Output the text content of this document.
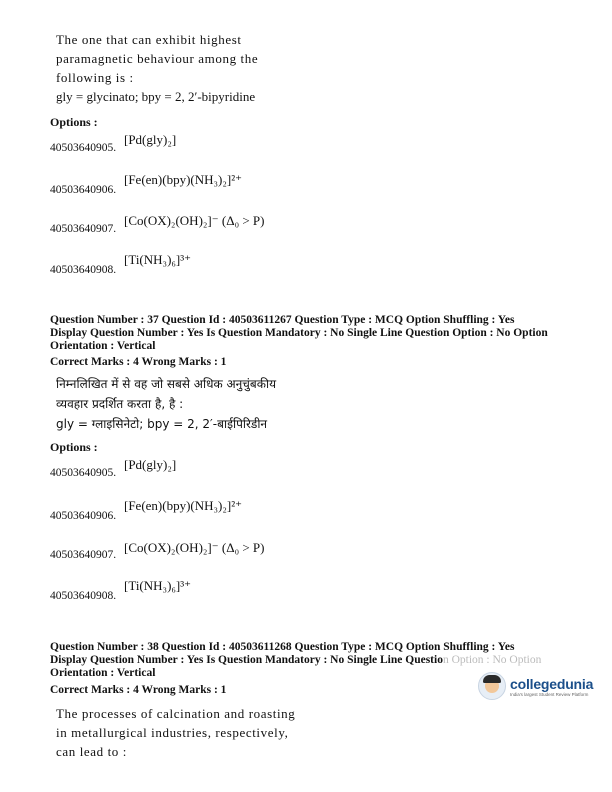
The one that can exhibit highest
paramagnetic behaviour among the
following is :
gly = glycinato; bpy = 2, 2′-bipyridine
Options :
40503640905.
[Pd(gly)₂]
40503640906.
[Fe(en)(bpy)(NH₃)₂]²⁺
40503640907.
[Co(OX)₂(OH)₂]⁻ (Δ₀ > P)
40503640908.
[Ti(NH₃)₆]³⁺
Question Number : 37 Question Id : 40503611267 Question Type : MCQ Option Shuffling : Yes
Display Question Number : Yes Is Question Mandatory : No Single Line Question Option : No Option
Orientation : Vertical
Correct Marks : 4 Wrong Marks : 1
निम्नलिखित में से वह जो सबसे अधिक अनुचुंबकीय
व्यवहार प्रदर्शित करता है, है :
gly = ग्लाइसिनेटो; bpy = 2, 2′-बाईपिरिडीन
Options :
40503640905.
[Pd(gly)₂]
40503640906.
[Fe(en)(bpy)(NH₃)₂]²⁺
40503640907. [Co(OX)₂(OH)₂]⁻ (Δ₀ > P)
40503640908.
[Ti(NH₃)₆]³⁺
Question Number : 38 Question Id : 40503611268 Question Type : MCQ Option Shuffling : Yes
Display Question Number : Yes Is Question Mandatory : No Single Line Question Option : No Option
Orientation : Vertical
Correct Marks : 4 Wrong Marks : 1
The processes of calcination and roasting
in metallurgical industries, respectively,
can lead to :
collegedunia
India's largest Student Review Platform
